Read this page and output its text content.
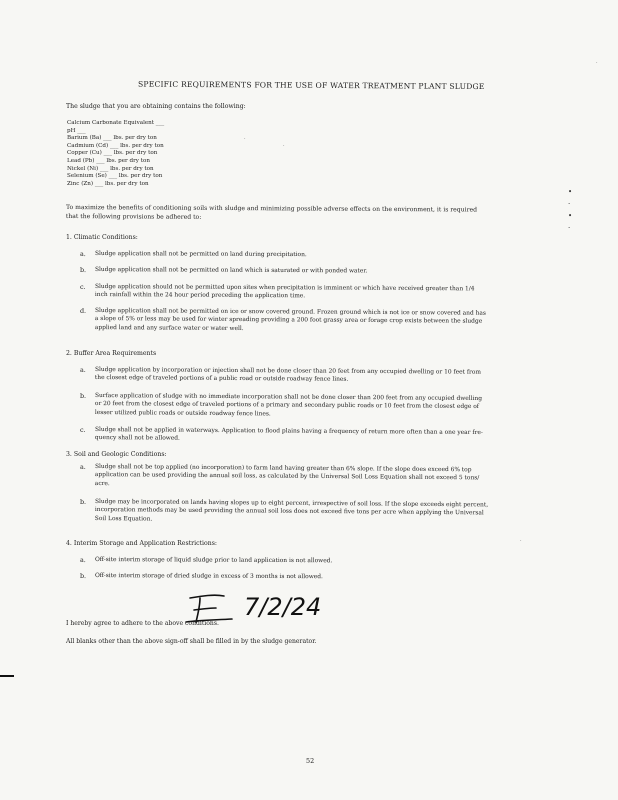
SPECIFIC REQUIREMENTS FOR THE USE OF WATER TREATMENT PLANT SLUDGE
The sludge that you are obtaining contains the following:
Calcium Carbonate Equivalent ___
pH ___
Barium (Ba) ___ lbs. per dry ton
Cadmium (Cd) ___ lbs. per dry ton
Copper (Cu) ___ lbs. per dry ton
Lead (Pb) ___ lbs. per dry ton
Nickel (Ni) ___ lbs. per dry ton
Selenium (Se) ___ lbs. per dry ton
Zinc (Zn) ___ lbs. per dry ton
To maximize the benefits of conditioning soils with sludge and minimizing possible adverse effects on the environment, it is required
that the following provisions be adhered to:
1. Climatic Conditions:
a. Sludge application shall not be permitted on land during precipitation.
b. Sludge application shall not be permitted on land which is saturated or with ponded water.
c. Sludge application should not be permitted upon sites when precipitation is imminent or which have received greater than 1/4
inch rainfall within the 24 hour period preceding the application time.
d. Sludge application shall not be permitted on ice or snow covered ground. Frozen ground which is not ice or snow covered and has
a slope of 5% or less may be used for winter spreading providing a 200 foot grassy area or forage crop exists between the sludge
applied land and any surface water or water well.
2. Buffer Area Requirements
a. Sludge application by incorporation or injection shall not be done closer than 20 feet from any occupied dwelling or 10 feet from
the closest edge of traveled portions of a public road or outside roadway fence lines.
b. Surface application of sludge with no immediate incorporation shall not be done closer than 200 feet from any occupied dwelling
or 20 feet from the closest edge of traveled portions of a primary and secondary public roads or 10 feet from the closest edge of
lesser utilized public roads or outside roadway fence lines.
c. Sludge shall not be applied in waterways. Application to flood plains having a frequency of return more often than a one year fre-
quency shall not be allowed.
3. Soil and Geologic Conditions:
a. Sludge shall not be top applied (no incorporation) to farm land having greater than 6% slope. If the slope does exceed 6% top
application can be used providing the annual soil loss, as calculated by the Universal Soil Loss Equation shall not exceed 5 tons/
acre.
b. Sludge may be incorporated on lands having slopes up to eight percent, irrespective of soil loss. If the slope exceeds eight percent,
incorporation methods may be used providing the annual soil loss does not exceed five tons per acre when applying the Universal
Soil Loss Equation.
4. Interim Storage and Application Restrictions:
a. Off-site interim storage of liquid sludge prior to land application is not allowed.
b. Off-site interim storage of dried sludge in excess of 3 months is not allowed.
7/2/24
I hereby agree to adhere to the above conditions.
All blanks other than the above sign-off shall be filled in by the sludge generator.
52
•
·
•
·
·
·
·
·
